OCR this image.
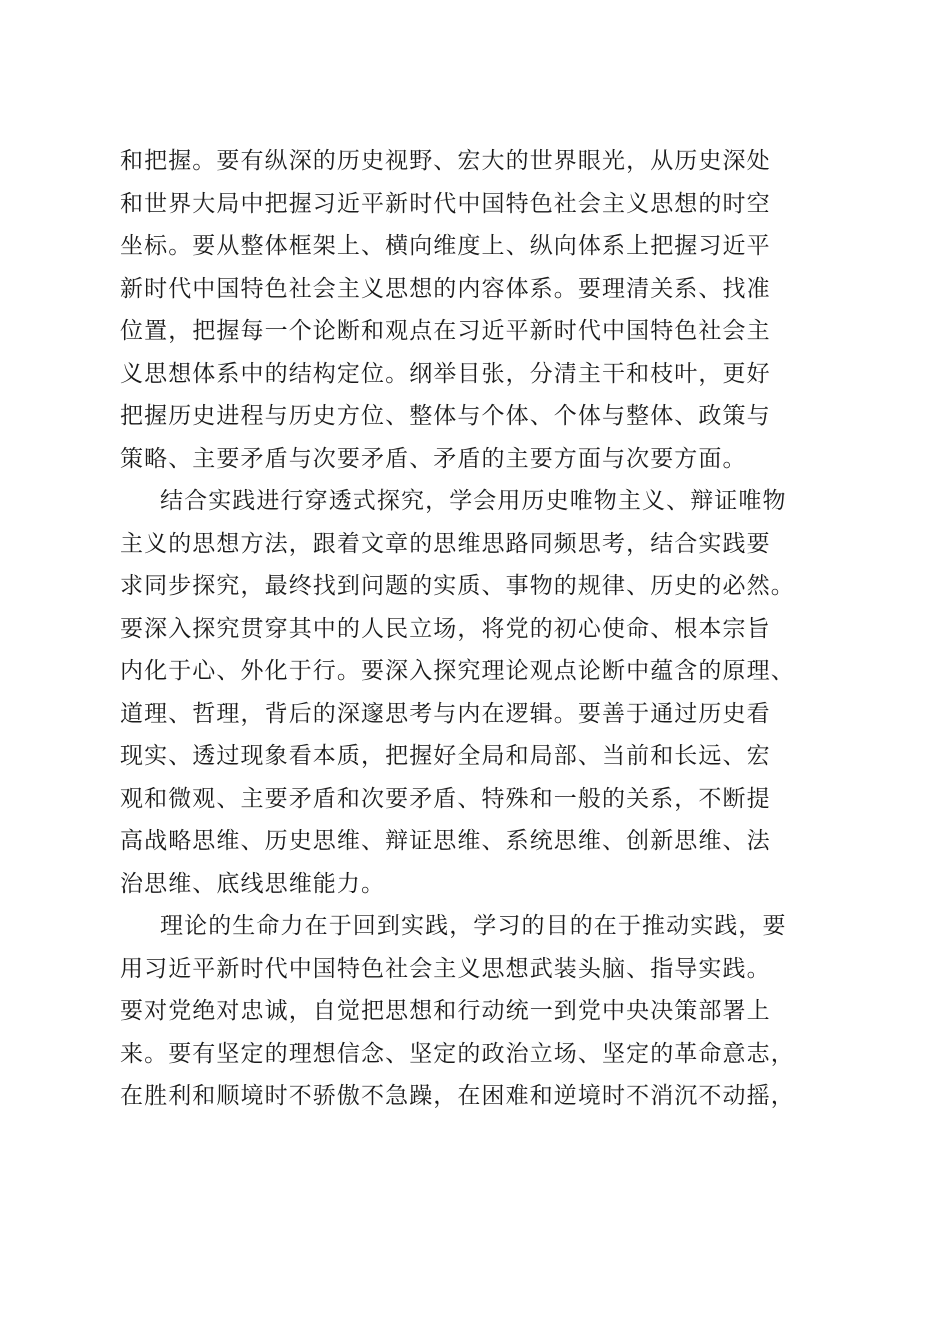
和把握。要有纵深的历史视野、宏大的世界眼光，从历史深处
和世界大局中把握习近平新时代中国特色社会主义思想的时空
坐标。要从整体框架上、横向维度上、纵向体系上把握习近平
新时代中国特色社会主义思想的内容体系。要理清关系、找准
位置，把握每一个论断和观点在习近平新时代中国特色社会主
义思想体系中的结构定位。纲举目张，分清主干和枝叶，更好
把握历史进程与历史方位、整体与个体、个体与整体、政策与
策略、主要矛盾与次要矛盾、矛盾的主要方面与次要方面。
结合实践进行穿透式探究，学会用历史唯物主义、辩证唯物
主义的思想方法，跟着文章的思维思路同频思考，结合实践要
求同步探究，最终找到问题的实质、事物的规律、历史的必然。
要深入探究贯穿其中的人民立场，将党的初心使命、根本宗旨
内化于心、外化于行。要深入探究理论观点论断中蕴含的原理、
道理、哲理，背后的深邃思考与内在逻辑。要善于通过历史看
现实、透过现象看本质，把握好全局和局部、当前和长远、宏
观和微观、主要矛盾和次要矛盾、特殊和一般的关系，不断提
高战略思维、历史思维、辩证思维、系统思维、创新思维、法
治思维、底线思维能力。
理论的生命力在于回到实践，学习的目的在于推动实践，要
用习近平新时代中国特色社会主义思想武装头脑、指导实践。
要对党绝对忠诚，自觉把思想和行动统一到党中央决策部署上
来。要有坚定的理想信念、坚定的政治立场、坚定的革命意志，
在胜利和顺境时不骄傲不急躁，在困难和逆境时不消沉不动摇，
